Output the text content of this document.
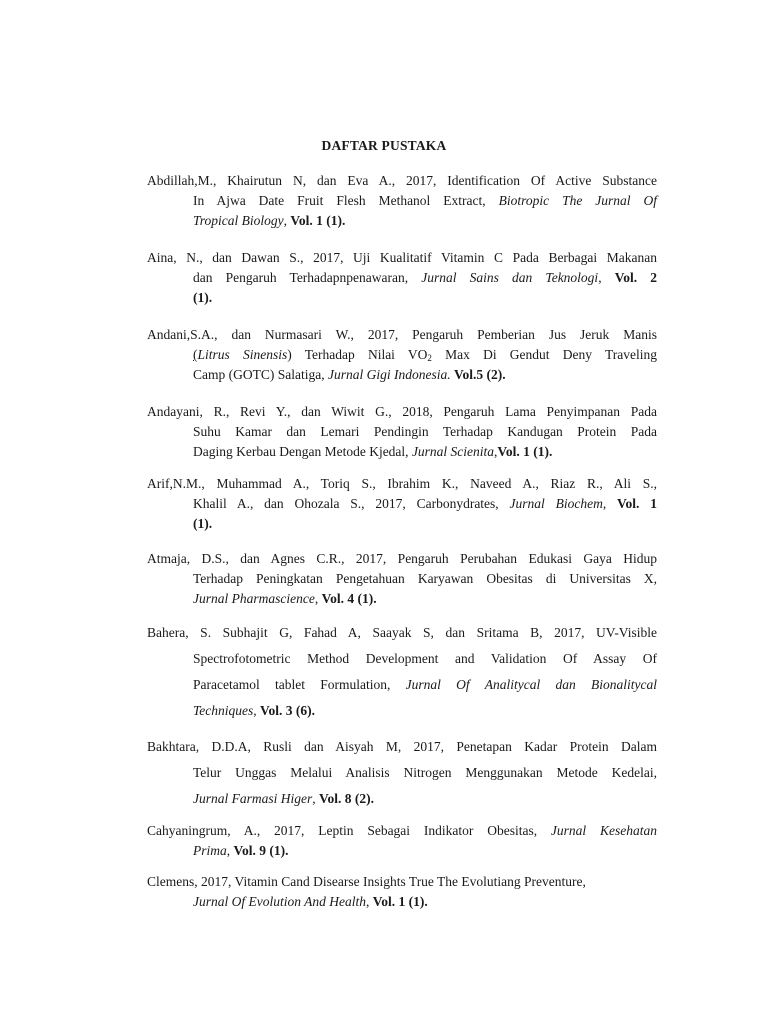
DAFTAR PUSTAKA

Abdillah,M., Khairutun N, dan Eva A., 2017, Identification Of Active Substance
In Ajwa Date Fruit Flesh Methanol Extract, Biotropic The Jurnal Of
Tropical Biology, Vol. 1 (1).

Aina, N., dan Dawan S., 2017, Uji Kualitatif Vitamin C Pada Berbagai Makanan
dan Pengaruh Terhadapnpenawaran, Jurnal Sains dan Teknologi, Vol. 2
(1).

Andani,S.A., dan Nurmasari W., 2017, Pengaruh Pemberian Jus Jeruk Manis
(Litrus Sinensis) Terhadap Nilai $VO_2$ Max Di Gendut Deny Traveling
Camp (GOTC) Salatiga, Jurnal Gigi Indonesia. Vol.5 (2).

Andayani, R., Revi Y., dan Wiwit G., 2018, Pengaruh Lama Penyimpanan Pada
Suhu Kamar dan Lemari Pendingin Terhadap Kandugan Protein Pada
Daging Kerbau Dengan Metode Kjedal, Jurnal Scienita,Vol. 1 (1).

Arif,N.M., Muhammad A., Toriq S., Ibrahim K., Naveed A., Riaz R., Ali S.,
Khalil A., dan Ohozala S., 2017, Carbonydrates, Jurnal Biochem, Vol. 1
(1).

Atmaja, D.S., dan Agnes C.R., 2017, Pengaruh Perubahan Edukasi Gaya Hidup
Terhadap Peningkatan Pengetahuan Karyawan Obesitas di Universitas X,
Jurnal Pharmascience, Vol. 4 (1).

Bahera, S. Subhajit G, Fahad A, Saayak S, dan Sritama B, 2017, UV-Visible
Spectrofotometric Method Development and Validation Of Assay Of
Paracetamol tablet Formulation, Jurnal Of Analitycal dan Bionalitycal
Techniques, Vol. 3 (6).

Bakhtara, D.D.A, Rusli dan Aisyah M, 2017, Penetapan Kadar Protein Dalam
Telur Unggas Melalui Analisis Nitrogen Menggunakan Metode Kedelai,
Jurnal Farmasi Higer, Vol. 8 (2).

Cahyaningrum, A., 2017, Leptin Sebagai Indikator Obesitas, Jurnal Kesehatan
Prima, Vol. 9 (1).

Clemens, 2017, Vitamin Cand Disearse Insights True The Evolutiang Preventure,
Jurnal Of Evolution And Health, Vol. 1 (1).
